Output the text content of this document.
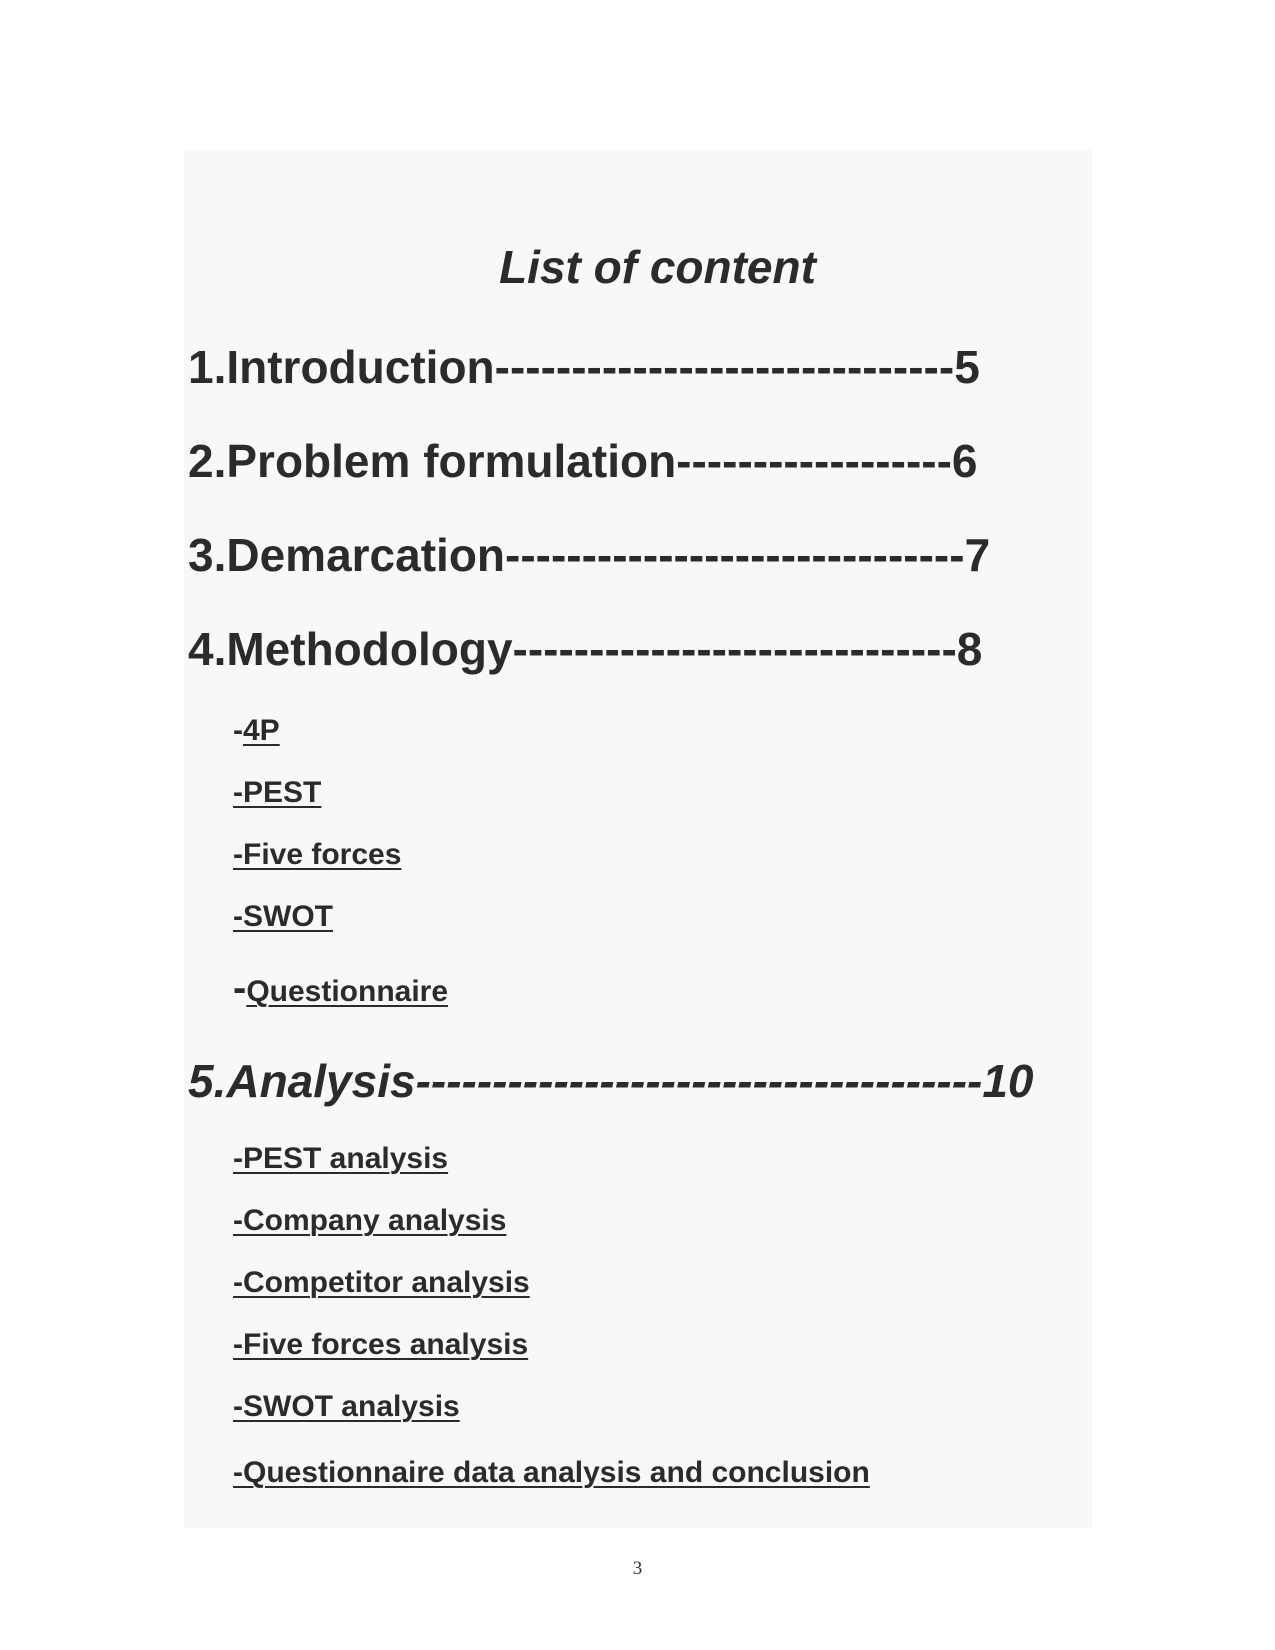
List of content
1.Introduction------------------------------5
2.Problem formulation------------------6
3.Demarcation------------------------------7
4.Methodology-----------------------------8
-4P
-PEST
-Five forces
-SWOT
-Questionnaire
5.Analysis-------------------------------------10
-PEST analysis
-Company analysis
-Competitor analysis
-Five forces analysis
-SWOT analysis
-Questionnaire data analysis and conclusion
3
